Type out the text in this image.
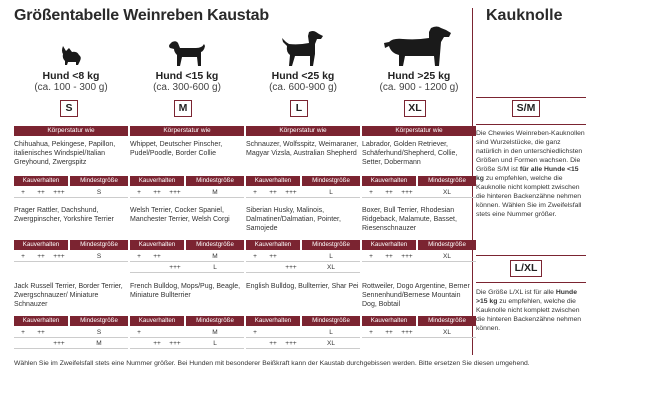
Größentabelle Weinreben Kaustab	Kauknolle
Hund <8 kg
(ca. 100 - 300 g)
S
Körperstatur wie
Chihuahua, Pekingese, Papillon, italienisches Windspiel/Italian Greyhound, Zwergspitz
Kauverhalten	Mindestgröße
+	++	+++	S
Prager Rattler, Dachshund, Zwergpinscher, Yorkshire Terrier
Kauverhalten	Mindestgröße
+	++	+++	S
Jack Russell Terrier, Border Terrier, Zwergschnauzer/ Miniature Schnauzer
Kauverhalten	Mindestgröße
+	++	S
+++	M
Hund <15 kg
(ca. 300-600 g)
M
Körperstatur wie
Whippet, Deutscher Pinscher, Pudel/Poodle, Border Collie
Kauverhalten	Mindestgröße
+	++	+++	M
Welsh Terrier, Cocker Spaniel, Manchester Terrier, Welsh Corgi
Kauverhalten	Mindestgröße
+	++	M
+++	L
French Bulldog, Mops/Pug, Beagle, Miniature Bullterrier
Kauverhalten	Mindestgröße
+	M
++	+++	L
Hund <25 kg
(ca. 600-900 g)
L
Körperstatur wie
Schnauzer, Wolfsspitz, Weimaraner, Magyar Vizsla, Australian Shepherd
Kauverhalten	Mindestgröße
+	++	+++	L
Siberian Husky, Malinois, Dalmatiner/Dalmatian, Pointer, Samojede
Kauverhalten	Mindestgröße
+	++	L
+++	XL
English Bulldog, Bullterrier, Shar Pei
Kauverhalten	Mindestgröße
+	L
++	+++	XL
Hund >25 kg
(ca. 900 - 1200 g)
XL
Körperstatur wie
Labrador, Golden Retriever, Schäferhund/Shepherd, Collie, Setter, Dobermann
Kauverhalten	Mindestgröße
+	++	+++	XL
Boxer, Bull Terrier, Rhodesian Ridgeback, Malamute, Basset, Riesenschnauzer
Kauverhalten	Mindestgröße
+	++	+++	XL
Rottweiler, Dogo Argentine, Berner Sennenhund/Bernese Mountain Dog, Bobtail
Kauverhalten	Mindestgröße
+	++	+++	XL
S/M
Die Chewies Weinreben-Kauknollen sind Wurzelstücke, die ganz natürlich in den unterschiedlichsten Größen und Formen wachsen. Die Größe S/M ist für alle Hunde <15 kg zu empfehlen, welche die Kauknolle nicht komplett zwischen die hinteren Backenzähne nehmen können. Wählen Sie im Zweifelsfall stets eine Nummer größer.
L/XL
Die Größe L/XL ist für alle Hunde >15 kg zu empfehlen, welche die Kauknolle nicht komplett zwischen die hinteren Backenzähne nehmen können.
Wählen Sie im Zweifelsfall stets eine Nummer größer. Bei Hunden mit besonderer Beißkraft kann der Kaustab durchgebissen werden. Bitte ersetzen Sie diesen umgehend.
